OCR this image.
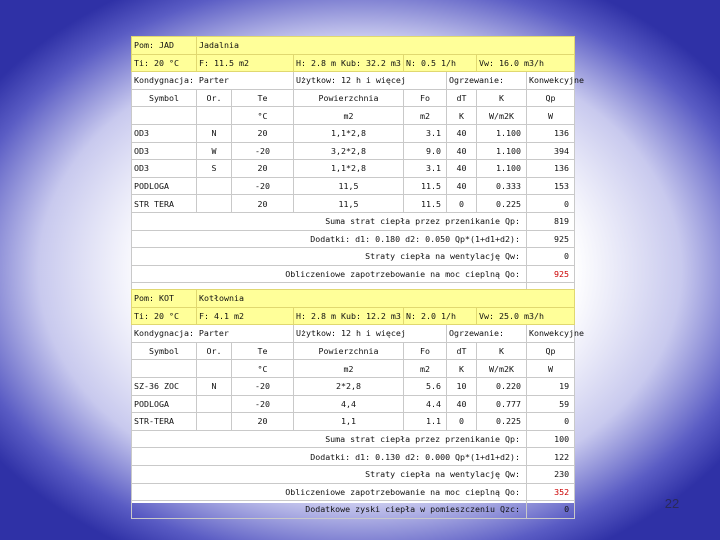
Pom: JAD	Jadalnia						
Ti: 20 °C	F: 11.5 m2		H: 2.8 m Kub: 32.2 m3	N: 0.5 1/h		Vw: 16.0 m3/h	
Kondygnacja: Parter			Użytkow: 12 h i więcej		Ogrzewanie:		Konwekcyjne
Symbol	Or.	Te	Powierzchnia	Fo	dT	K	Qp
		°C	m2	m2	K	W/m2K	W
OD3	N	20	1,1*2,8	3.1	40	1.100	136
OD3	W	-20	3,2*2,8	9.0	40	1.100	394
OD3	S	20	1,1*2,8	3.1	40	1.100	136
PODLOGA		-20	11,5	11.5	40	0.333	153
STR TERA		20	11,5	11.5	0	0.225	0
Suma strat ciepła przez przenikanie Qp:							819
Dodatki: d1: 0.180 d2: 0.050 Qp*(1+d1+d2):							925
Straty ciepła na wentylację Qw:							0
Obliczeniowe zapotrzebowanie na moc cieplną Qo:							925

Pom: KOT	Kotłownia						
Ti: 20 °C	F: 4.1 m2		H: 2.8 m Kub: 12.2 m3	N: 2.0 1/h		Vw: 25.0 m3/h	
Kondygnacja: Parter			Użytkow: 12 h i więcej		Ogrzewanie:		Konwekcyjne
Symbol	Or.	Te	Powierzchnia	Fo	dT	K	Qp
		°C	m2	m2	K	W/m2K	W
SZ-36 ZOC	N	-20	2*2,8	5.6	10	0.220	19
PODLOGA		-20	4,4	4.4	40	0.777	59
STR-TERA		20	1,1	1.1	0	0.225	0
Suma strat ciepła przez przenikanie Qp:							100
Dodatki: d1: 0.130 d2: 0.000 Qp*(1+d1+d2):							122
Straty ciepła na wentylację Qw:							230
Obliczeniowe zapotrzebowanie na moc cieplną Qo:							352
Dodatkowe zyski ciepła w pomieszczeniu Qzc:							0	22
